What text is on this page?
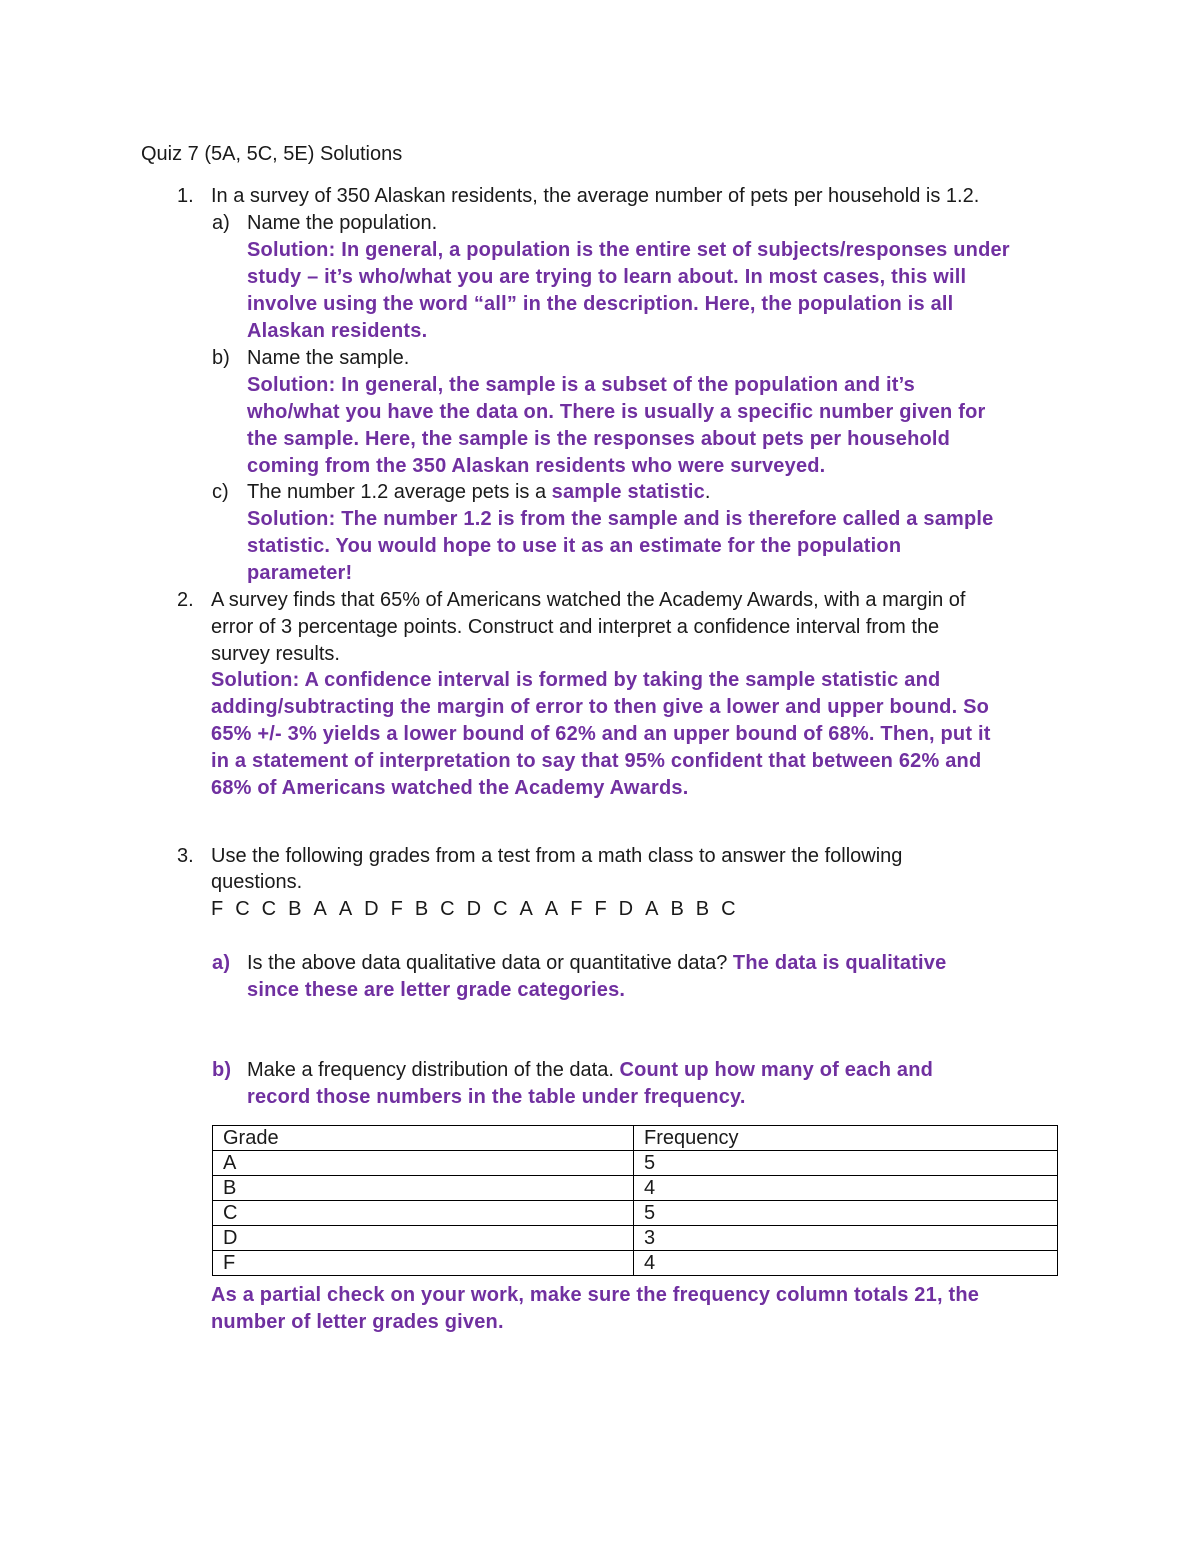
Quiz 7 (5A, 5C, 5E) Solutions
1. In a survey of 350 Alaskan residents, the average number of pets per household is 1.2.
a) Name the population.
Solution: In general, a population is the entire set of subjects/responses under
study – it’s who/what you are trying to learn about. In most cases, this will
involve using the word “all” in the description. Here, the population is all
Alaskan residents.
b) Name the sample.
Solution: In general, the sample is a subset of the population and it’s
who/what you have the data on. There is usually a specific number given for
the sample. Here, the sample is the responses about pets per household
coming from the 350 Alaskan residents who were surveyed.
c) The number 1.2 average pets is a sample statistic.
Solution: The number 1.2 is from the sample and is therefore called a sample
statistic. You would hope to use it as an estimate for the population
parameter!
2. A survey finds that 65% of Americans watched the Academy Awards, with a margin of
error of 3 percentage points. Construct and interpret a confidence interval from the
survey results.
Solution: A confidence interval is formed by taking the sample statistic and
adding/subtracting the margin of error to then give a lower and upper bound. So
65% +/- 3% yields a lower bound of 62% and an upper bound of 68%. Then, put it
in a statement of interpretation to say that 95% confident that between 62% and
68% of Americans watched the Academy Awards.
3. Use the following grades from a test from a math class to answer the following
questions.
F C C B A A D F B C D C A A F F D A B B C
a) Is the above data qualitative data or quantitative data? The data is qualitative
since these are letter grade categories.
b) Make a frequency distribution of the data. Count up how many of each and
record those numbers in the table under frequency.
Grade	Frequency
A	5
B	4
C	5
D	3
F	4
As a partial check on your work, make sure the frequency column totals 21, the
number of letter grades given.
